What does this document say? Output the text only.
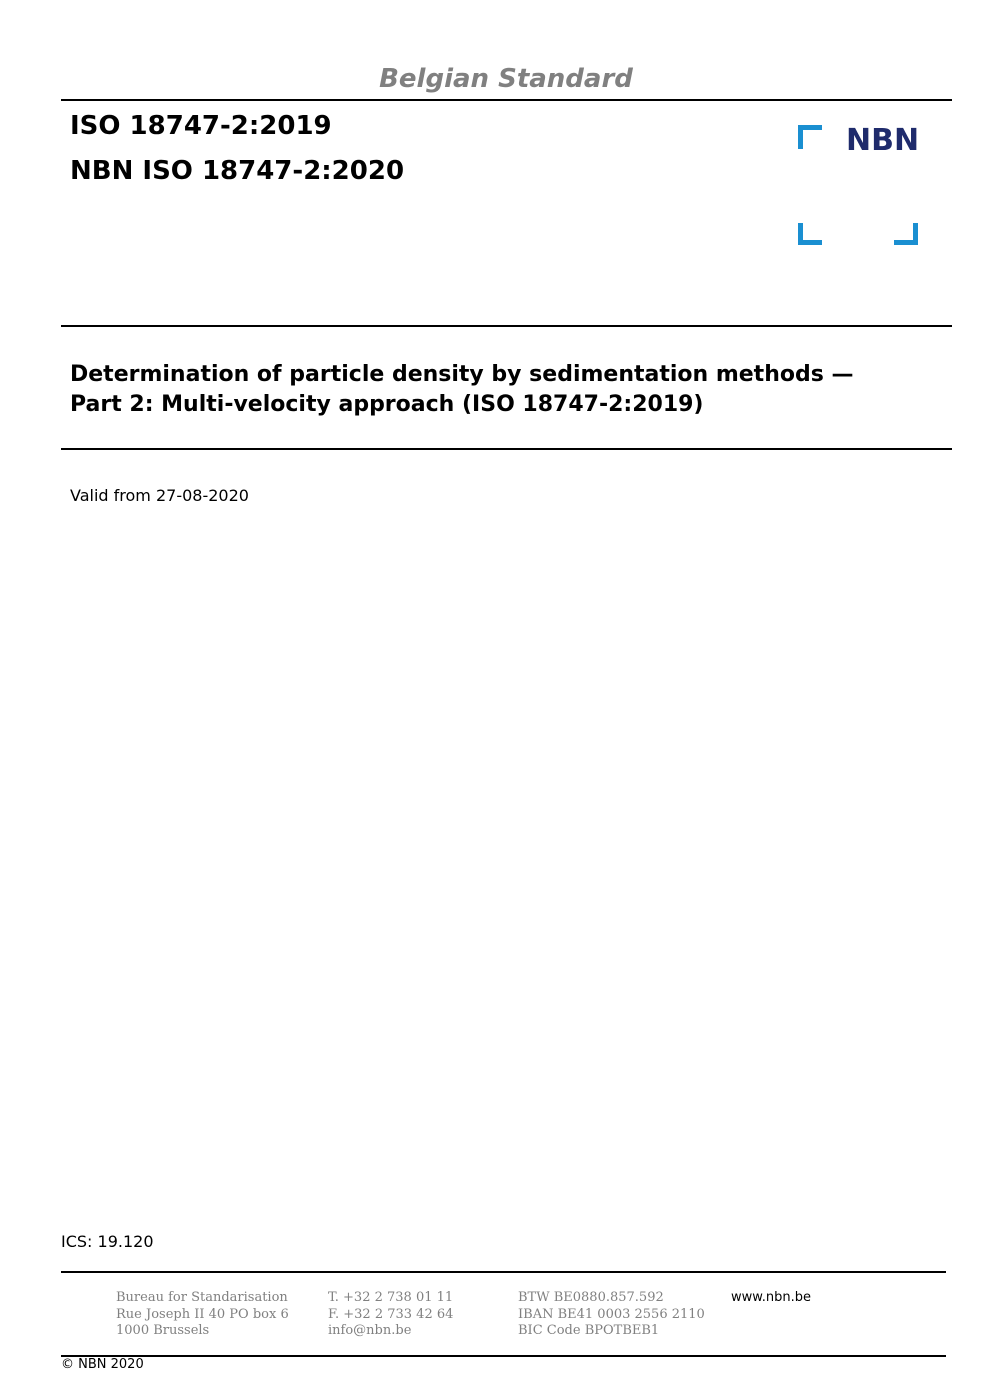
Belgian Standard
ISO 18747-2:2019
NBN ISO 18747-2:2020
NBN
Determination of particle density by sedimentation methods —
Part 2: Multi-velocity approach (ISO 18747-2:2019)
Valid from 27-08-2020
ICS: 19.120
Bureau for Standarisation
Rue Joseph II 40 PO box 6
1000 Brussels
T. +32 2 738 01 11
F. +32 2 733 42 64
info@nbn.be
BTW BE0880.857.592
IBAN BE41 0003 2556 2110
BIC Code BPOTBEB1
www.nbn.be
© NBN 2020
